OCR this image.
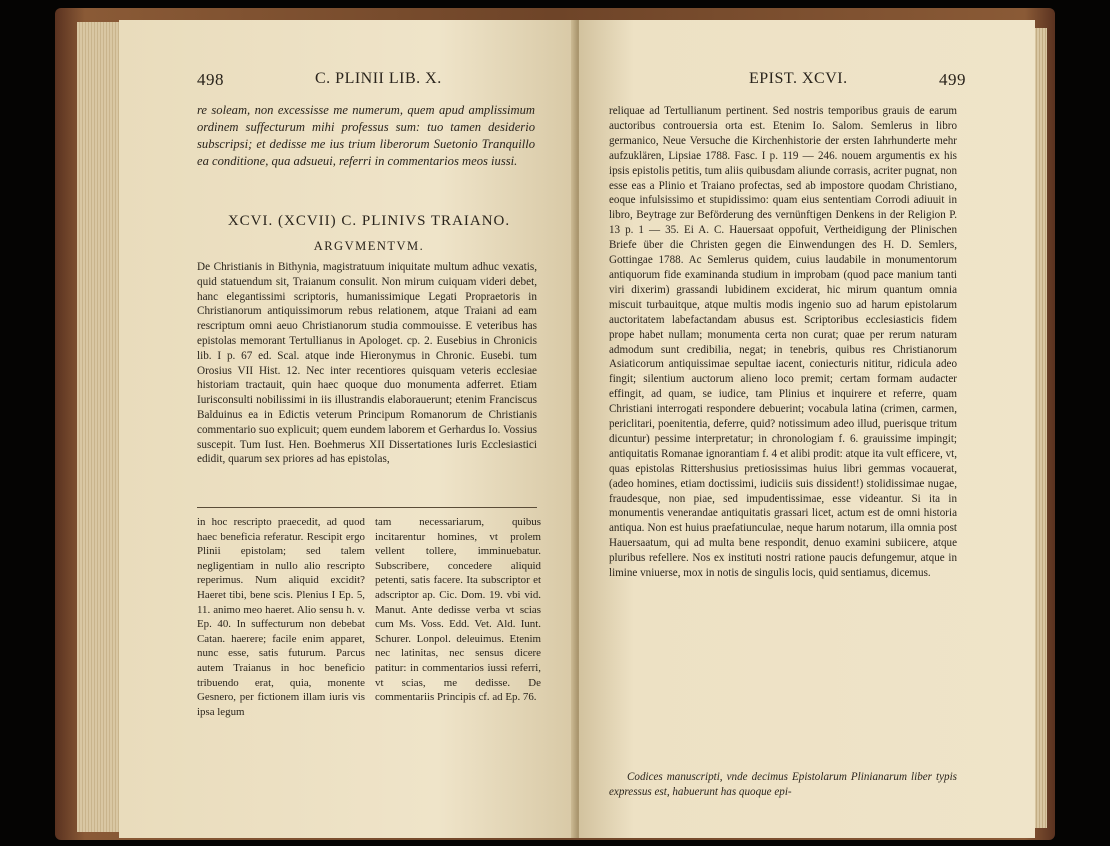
498	C. PLINII LIB. X.
re soleam, non excessisse me numerum, quem apud amplissimum ordinem suffecturum mihi professus sum: tuo tamen desiderio subscripsi; et dedisse me ius trium liberorum Suetonio Tranquillo ea conditione, qua adsueui, referri in commentarios meos iussi.
XCVI. (XCVII) C. PLINIVS TRAIANO.
ARGVMENTVM.
De Christianis in Bithynia, magistratuum iniquitate multum adhuc vexatis, quid statuendum sit, Traianum consulit. Non mirum cuiquam videri debet, hanc elegantissimi scriptoris, humanissimique Legati Propraetoris in Christianorum antiquissimorum rebus relationem, atque Traiani ad eam rescriptum omni aeuo Christianorum studia commouisse. E veteribus has epistolas memorant Tertullianus in Apologet. cp. 2. Eusebius in Chronicis lib. I p. 67 ed. Scal. atque inde Hieronymus in Chronic. Eusebi. tum Orosius VII Hist. 12. Nec inter recentiores quisquam veteris ecclesiae historiam tractauit, quin haec quoque duo monumenta adferret. Etiam Iurisconsulti nobilissimi in iis illustrandis elaborauerunt; etenim Franciscus Balduinus ea in Edictis veterum Principum Romanorum de Christianis commentario suo explicuit; quem eundem laborem et Gerhardus Io. Vossius suscepit. Tum Iust. Hen. Boehmerus XII Dissertationes Iuris Ecclesiastici edidit, quarum sex priores ad has epistolas,
in hoc rescripto praecedit, ad quod haec beneficia referatur. Rescipit ergo Plinii epistolam; sed talem negligentiam in nullo alio rescripto reperimus. Num aliquid excidit? Haeret tibi, bene scis. Plenius I Ep. 5, 11. animo meo haeret. Alio sensu h. v. Ep. 40. In suffecturum non debebat Catan. haerere; facile enim apparet, nunc esse, satis futurum. Parcus autem Traianus in hoc beneficio tribuendo erat, quia, monente Gesnero, per fictionem illam iuris vis ipsa legum
tam necessariarum, quibus incitarentur homines, vt prolem vellent tollere, imminuebatur. Subscribere, concedere aliquid petenti, satis facere. Ita subscriptor et adscriptor ap. Cic. Dom. 19. vbi vid. Manut. Ante dedisse verba vt scias cum Ms. Voss. Edd. Vet. Ald. Iunt. Schurer. Lonpol. deleuimus. Etenim nec latinitas, nec sensus dicere patitur: in commentarios iussi referri, vt scias, me dedisse. De commentariis Principis cf. ad Ep. 76.
EPIST. XCVI.	499
reliquae ad Tertullianum pertinent. Sed nostris temporibus grauis de earum auctoribus controuersia orta est. Etenim Io. Salom. Semlerus in libro germanico, Neue Versuche die Kirchenhistorie der ersten Iahrhunderte mehr aufzuklären, Lipsiae 1788. Fasc. I p. 119 — 246. nouem argumentis ex his ipsis epistolis petitis, tum aliis quibusdam aliunde corrasis, acriter pugnat, non esse eas a Plinio et Traiano profectas, sed ab impostore quodam Christiano, eoque infulsissimo et stupidissimo: quam eius sententiam Corrodi adiuuit in libro, Beytrage zur Beförderung des vernünftigen Denkens in der Religion P. 13 p. 1 — 35. Ei A. C. Hauersaat oppofuit, Vertheidigung der Plinischen Briefe über die Christen gegen die Einwendungen des H. D. Semlers, Gottingae 1788. Ac Semlerus quidem, cuius laudabile in monumentorum antiquorum fide examinanda studium in improbam (quod pace manium tanti viri dixerim) grassandi lubidinem exciderat, hic mirum quantum omnia miscuit turbauitque, atque multis modis ingenio suo ad harum epistolarum auctoritatem labefactandam abusus est. Scriptoribus ecclesiasticis fidem prope habet nullam; monumenta certa non curat; quae per rerum naturam admodum sunt credibilia, negat; in tenebris, quibus res Christianorum Asiaticorum antiquissimae sepultae iacent, coniecturis nititur, ridicula adeo fingit; silentium auctorum alieno loco premit; certam formam audacter effingit, ad quam, se iudice, tam Plinius et inquirere et referre, quam Christiani interrogati respondere debuerint; vocabula latina (crimen, carmen, periclitari, poenitentia, deferre, quid? notissimum adeo illud, puerisque tritum dicuntur) pessime interpretatur; in chronologiam f. 6. grauissime impingit; antiquitatis Romanae ignorantiam f. 4 et alibi prodit: atque ita vult efficere, vt, quas epistolas Rittershusius pretiosissimas huius libri gemmas vocauerat, (adeo homines, etiam doctissimi, iudiciis suis dissident!) stolidissimae nugae, fraudesque, non piae, sed impudentissimae, esse videantur. Si ita in monumentis venerandae antiquitatis grassari licet, actum est de omni historia antiqua. Non est huius praefatiunculae, neque harum notarum, illa omnia post Hauersaatum, qui ad multa bene respondit, denuo examini subiicere, atque pluribus refellere. Nos ex instituti nostri ratione paucis defungemur, atque in limine vniuerse, mox in notis de singulis locis, quid sentiamus, dicemus.
Codices manuscripti, vnde decimus Epistolarum Plinianarum liber typis expressus est, habuerunt has quoque epi-
